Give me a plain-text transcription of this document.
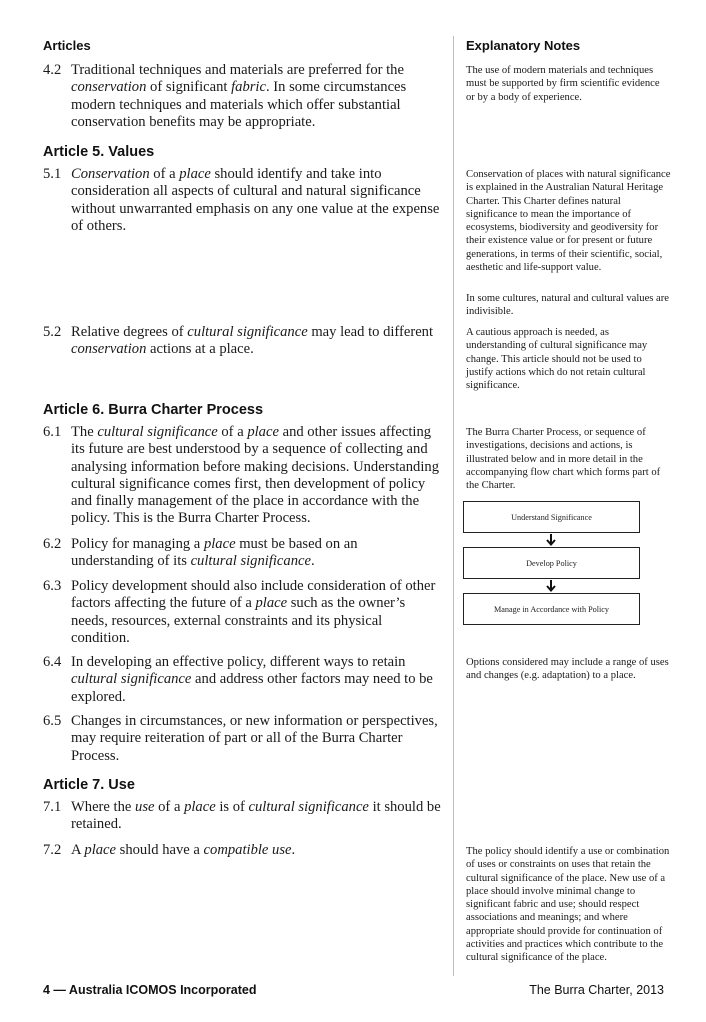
Articles	Explanatory Notes
4.2 Traditional techniques and materials are preferred for the conservation of significant fabric. In some circumstances modern techniques and materials which offer substantial conservation benefits may be appropriate.
The use of modern materials and techniques must be supported by firm scientific evidence or by a body of experience.
Article 5. Values
5.1 Conservation of a place should identify and take into consideration all aspects of cultural and natural significance without unwarranted emphasis on any one value at the expense of others.
Conservation of places with natural significance is explained in the Australian Natural Heritage Charter. This Charter defines natural significance to mean the importance of ecosystems, biodiversity and geodiversity for their existence value or for present or future generations, in terms of their scientific, social, aesthetic and life-support value.
In some cultures, natural and cultural values are indivisible.
5.2 Relative degrees of cultural significance may lead to different conservation actions at a place.
A cautious approach is needed, as understanding of cultural significance may change. This article should not be used to justify actions which do not retain cultural significance.
Article 6. Burra Charter Process
6.1 The cultural significance of a place and other issues affecting its future are best understood by a sequence of collecting and analysing information before making decisions. Understanding cultural significance comes first, then development of policy and finally management of the place in accordance with the policy. This is the Burra Charter Process.
The Burra Charter Process, or sequence of investigations, decisions and actions, is illustrated below and in more detail in the accompanying flow chart which forms part of the Charter.
Understand Significance
Develop Policy
Manage in Accordance with Policy
6.2 Policy for managing a place must be based on an understanding of its cultural significance.
6.3 Policy development should also include consideration of other factors affecting the future of a place such as the owner’s needs, resources, external constraints and its physical condition.
6.4 In developing an effective policy, different ways to retain cultural significance and address other factors may need to be explored.
Options considered may include a range of uses and changes (e.g. adaptation) to a place.
6.5 Changes in circumstances, or new information or perspectives, may require reiteration of part or all of the Burra Charter Process.
Article 7. Use
7.1 Where the use of a place is of cultural significance it should be retained.
7.2 A place should have a compatible use.	The policy should identify a use or combination of uses or constraints on uses that retain the cultural significance of the place. New use of a place should involve minimal change to significant fabric and use; should respect associations and meanings; and where appropriate should provide for continuation of activities and practices which contribute to the cultural significance of the place.
4 — Australia ICOMOS Incorporated	The Burra Charter, 2013
